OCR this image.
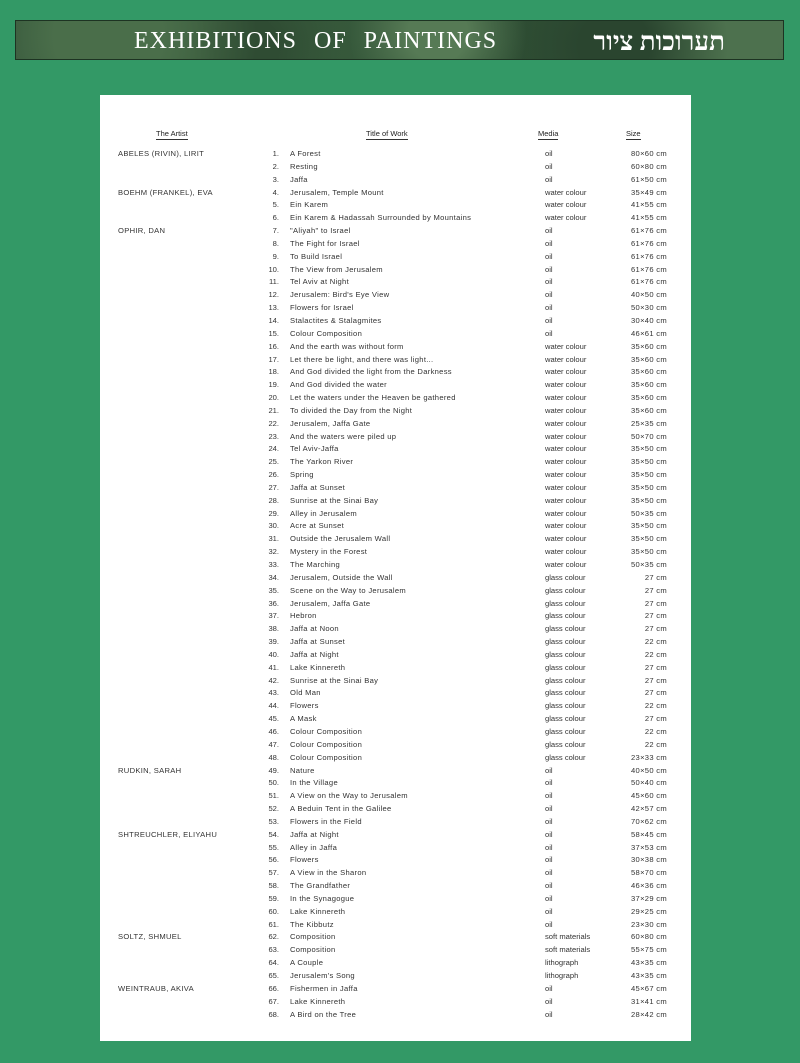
EXHIBITIONS OF PAINTINGS	תערוכות ציור
The Artist	Title of Work	Media	Size
ABELES (RIVIN), LIRIT	1. A Forest	oil	80×60 cm
2. Resting	oil	60×80 cm
3. Jaffa	oil	61×50 cm
BOEHM (FRANKEL), EVA	4. Jerusalem, Temple Mount	water colour	35×49 cm
5. Ein Karem	water colour	41×55 cm
6. Ein Karem & Hadassah Surrounded by Mountains	water colour	41×55 cm
OPHIR, DAN	7. "Aliyah" to Israel	oil	61×76 cm
8. The Fight for Israel	oil	61×76 cm
9. To Build Israel	oil	61×76 cm
10. The View from Jerusalem	oil	61×76 cm
11. Tel Aviv at Night	oil	61×76 cm
12. Jerusalem: Bird's Eye View	oil	40×50 cm
13. Flowers for Israel	oil	50×30 cm
14. Stalactites & Stalagmites	oil	30×40 cm
15. Colour Composition	oil	46×61 cm
16. And the earth was without form	water colour	35×60 cm
17. Let there be light, and there was light...	water colour	35×60 cm
18. And God divided the light from the Darkness	water colour	35×60 cm
19. And God divided the water	water colour	35×60 cm
20. Let the waters under the Heaven be gathered	water colour	35×60 cm
21. To divided the Day from the Night	water colour	35×60 cm
22. Jerusalem, Jaffa Gate	water colour	25×35 cm
23. And the waters were piled up	water colour	50×70 cm
24. Tel Aviv-Jaffa	water colour	35×50 cm
25. The Yarkon River	water colour	35×50 cm
26. Spring	water colour	35×50 cm
27. Jaffa at Sunset	water colour	35×50 cm
28. Sunrise at the Sinai Bay	water colour	35×50 cm
29. Alley in Jerusalem	water colour	50×35 cm
30. Acre at Sunset	water colour	35×50 cm
31. Outside the Jerusalem Wall	water colour	35×50 cm
32. Mystery in the Forest	water colour	35×50 cm
33. The Marching	water colour	50×35 cm
34. Jerusalem, Outside the Wall	glass colour	27 cm
35. Scene on the Way to Jerusalem	glass colour	27 cm
36. Jerusalem, Jaffa Gate	glass colour	27 cm
37. Hebron	glass colour	27 cm
38. Jaffa at Noon	glass colour	27 cm
39. Jaffa at Sunset	glass colour	22 cm
40. Jaffa at Night	glass colour	22 cm
41. Lake Kinnereth	glass colour	27 cm
42. Sunrise at the Sinai Bay	glass colour	27 cm
43. Old Man	glass colour	27 cm
44. Flowers	glass colour	22 cm
45. A Mask	glass colour	27 cm
46. Colour Composition	glass colour	22 cm
47. Colour Composition	glass colour	22 cm
48. Colour Composition	glass colour	23×33 cm
RUDKIN, SARAH	49. Nature	oil	40×50 cm
50. In the Village	oil	50×40 cm
51. A View on the Way to Jerusalem	oil	45×60 cm
52. A Beduin Tent in the Galilee	oil	42×57 cm
53. Flowers in the Field	oil	70×62 cm
SHTREUCHLER, ELIYAHU	54. Jaffa at Night	oil	58×45 cm
55. Alley in Jaffa	oil	37×53 cm
56. Flowers	oil	30×38 cm
57. A View in the Sharon	oil	58×70 cm
58. The Grandfather	oil	46×36 cm
59. In the Synagogue	oil	37×29 cm
60. Lake Kinnereth	oil	29×25 cm
61. The Kibbutz	oil	23×30 cm
SOLTZ, SHMUEL	62. Composition	soft materials	60×80 cm
63. Composition	soft materials	55×75 cm
64. A Couple	lithograph	43×35 cm
65. Jerusalem's Song	lithograph	43×35 cm
WEINTRAUB, AKIVA	66. Fishermen in Jaffa	oil	45×67 cm
67. Lake Kinnereth	oil	31×41 cm
68. A Bird on the Tree	oil	28×42 cm
